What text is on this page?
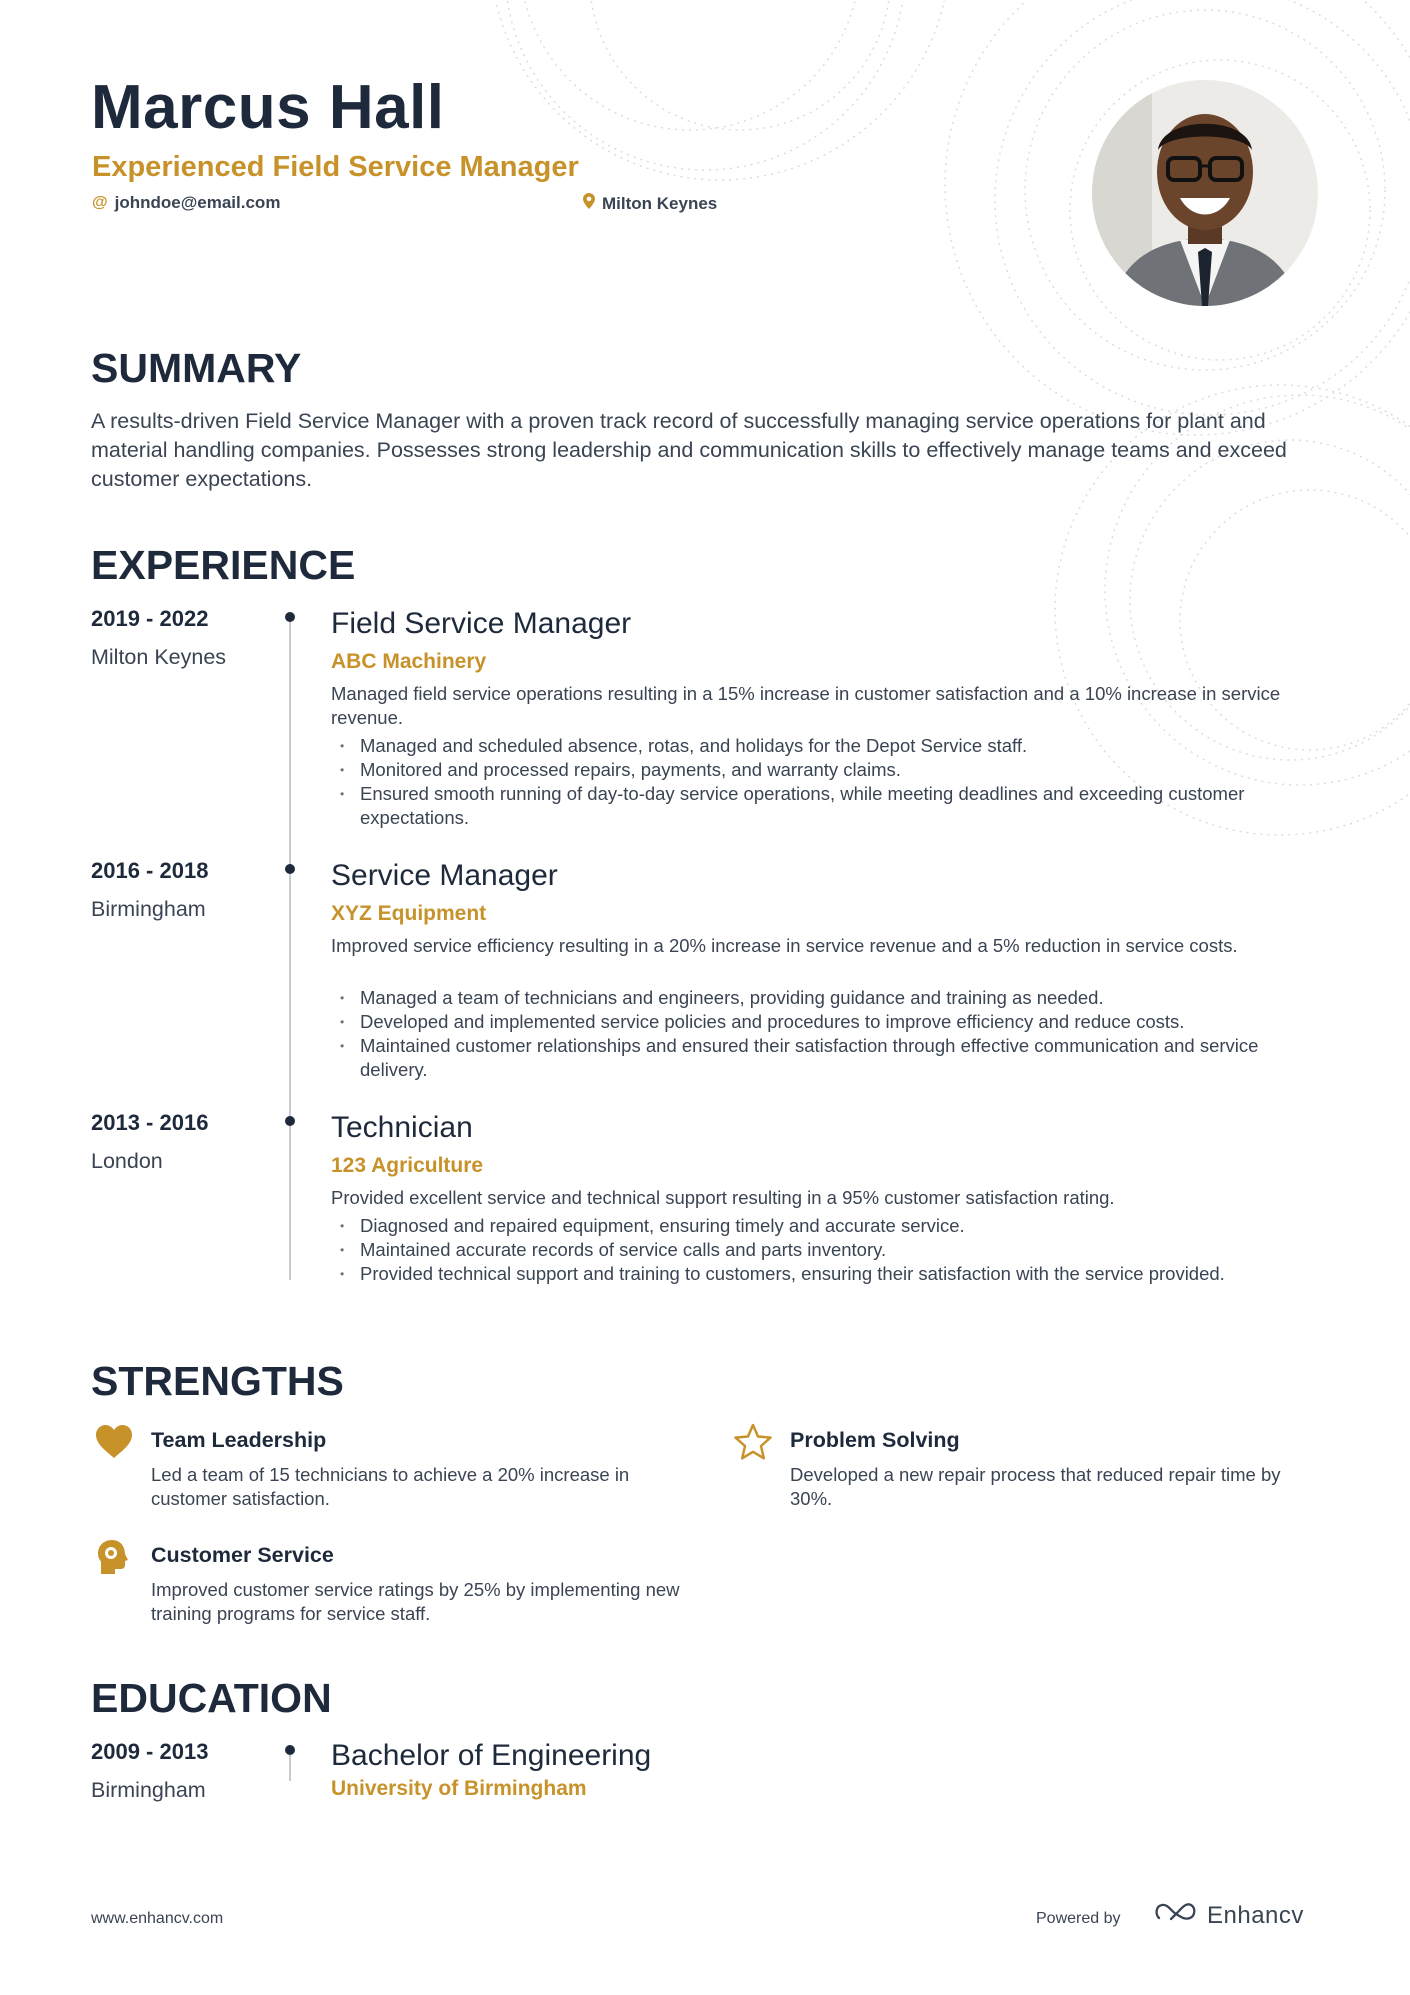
Marcus Hall
Experienced Field Service Manager
@ johndoe@email.com	Milton Keynes
SUMMARY
A results-driven Field Service Manager with a proven track record of successfully managing service operations for plant and material handling companies. Possesses strong leadership and communication skills to effectively manage teams and exceed customer expectations.
EXPERIENCE
2019 - 2022
Milton Keynes
Field Service Manager
ABC Machinery
Managed field service operations resulting in a 15% increase in customer satisfaction and a 10% increase in service revenue.
• Managed and scheduled absence, rotas, and holidays for the Depot Service staff.
• Monitored and processed repairs, payments, and warranty claims.
• Ensured smooth running of day-to-day service operations, while meeting deadlines and exceeding customer expectations.
2016 - 2018
Birmingham
Service Manager
XYZ Equipment
Improved service efficiency resulting in a 20% increase in service revenue and a 5% reduction in service costs.
• Managed a team of technicians and engineers, providing guidance and training as needed.
• Developed and implemented service policies and procedures to improve efficiency and reduce costs.
• Maintained customer relationships and ensured their satisfaction through effective communication and service delivery.
2013 - 2016
London
Technician
123 Agriculture
Provided excellent service and technical support resulting in a 95% customer satisfaction rating.
• Diagnosed and repaired equipment, ensuring timely and accurate service.
• Maintained accurate records of service calls and parts inventory.
• Provided technical support and training to customers, ensuring their satisfaction with the service provided.
STRENGTHS
Team Leadership
Led a team of 15 technicians to achieve a 20% increase in customer satisfaction.
Problem Solving
Developed a new repair process that reduced repair time by 30%.
Customer Service
Improved customer service ratings by 25% by implementing new training programs for service staff.
EDUCATION
2009 - 2013
Birmingham
Bachelor of Engineering
University of Birmingham
www.enhancv.com	Powered by	Enhancv
